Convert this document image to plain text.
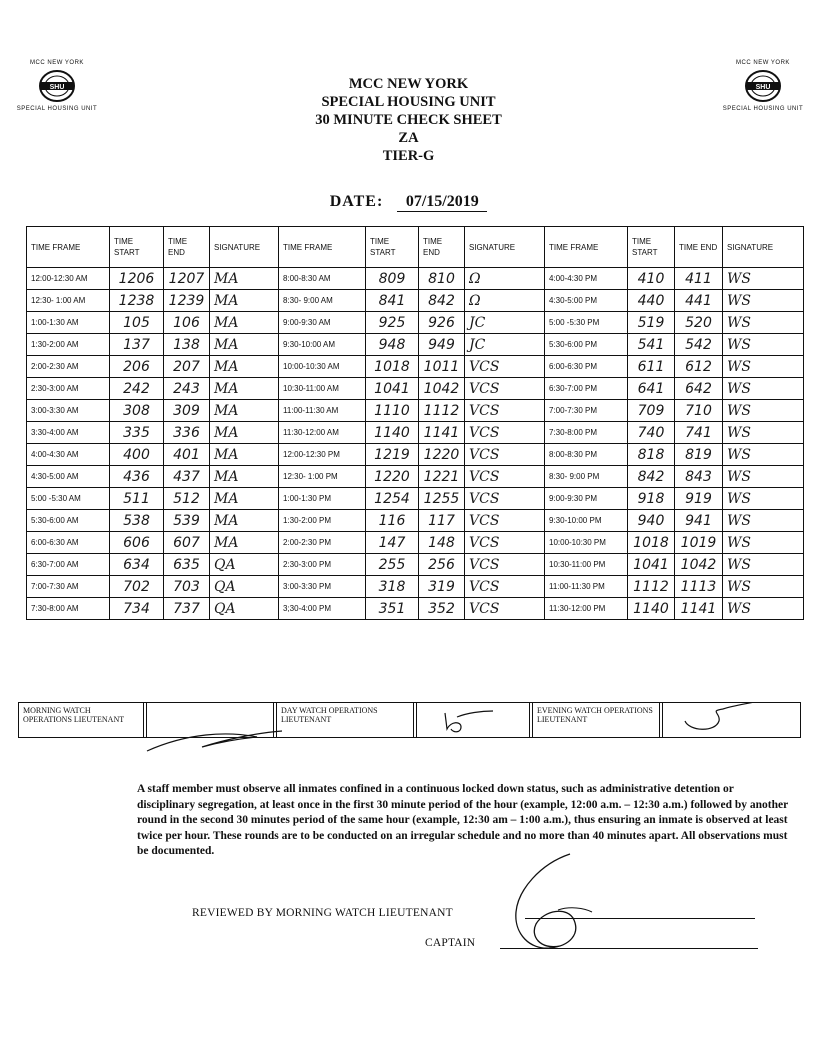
MCC NEW YORK
SHU
SPECIAL HOUSING UNIT
MCC NEW YORK
SHU
SPECIAL HOUSING UNIT
MCC NEW YORK
SPECIAL HOUSING UNIT
30 MINUTE CHECK SHEET
ZA
TIER-G
DATE: 07/15/2019
TIME FRAME	TIME START	TIME END	SIGNATURE	TIME FRAME	TIME START	TIME END	SIGNATURE	TIME FRAME	TIME START	TIME END	SIGNATURE
12:00-12:30 AM	1206	1207	MA	8:00-8:30 AM	809	810	Ω	4:00-4:30 PM	410	411	WS
12:30- 1:00 AM	1238	1239	MA	8:30- 9:00 AM	841	842	Ω	4:30-5:00 PM	440	441	WS
1:00-1:30 AM	105	106	MA	9:00-9:30 AM	925	926	JC	5:00 -5:30 PM	519	520	WS
1:30-2:00 AM	137	138	MA	9:30-10:00 AM	948	949	JC	5:30-6:00 PM	541	542	WS
2:00-2:30 AM	206	207	MA	10:00-10:30 AM	1018	1011	VCS	6:00-6:30 PM	611	612	WS
2:30-3:00 AM	242	243	MA	10:30-11:00 AM	1041	1042	VCS	6:30-7:00 PM	641	642	WS
3:00-3:30 AM	308	309	MA	11:00-11:30 AM	1110	1112	VCS	7:00-7:30 PM	709	710	WS
3:30-4:00 AM	335	336	MA	11:30-12:00 AM	1140	1141	VCS	7:30-8:00 PM	740	741	WS
4:00-4:30 AM	400	401	MA	12:00-12:30 PM	1219	1220	VCS	8:00-8:30 PM	818	819	WS
4:30-5:00 AM	436	437	MA	12:30- 1:00 PM	1220	1221	VCS	8:30- 9:00 PM	842	843	WS
5:00 -5:30 AM	511	512	MA	1:00-1:30 PM	1254	1255	VCS	9:00-9:30 PM	918	919	WS
5:30-6:00 AM	538	539	MA	1:30-2:00 PM	116	117	VCS	9:30-10:00 PM	940	941	WS
6:00-6:30 AM	606	607	MA	2:00-2:30 PM	147	148	VCS	10:00-10:30 PM	1018	1019	WS
6:30-7:00 AM	634	635	QA	2:30-3:00 PM	255	256	VCS	10:30-11:00 PM	1041	1042	WS
7:00-7:30 AM	702	703	QA	3:00-3:30 PM	318	319	VCS	11:00-11:30 PM	1112	1113	WS
7:30-8:00 AM	734	737	QA	3;30-4:00 PM	351	352	VCS	11:30-12:00 PM	1140	1141	WS
MORNING WATCH OPERATIONS LIEUTENANT
DAY WATCH OPERATIONS LIEUTENANT
EVENING WATCH OPERATIONS LIEUTENANT
A staff member must observe all inmates confined in a continuous locked down status, such as administrative detention or disciplinary segregation, at least once in the first 30 minute period of the hour (example, 12:00 a.m. – 12:30 a.m.) followed by another round in the second 30 minutes period of the same hour (example, 12:30 am – 1:00 a.m.), thus ensuring an inmate is observed at least twice per hour. These rounds are to be conducted on an irregular schedule and no more than 40 minutes apart. All observations must be documented.
REVIEWED BY MORNING WATCH LIEUTENANT
CAPTAIN
